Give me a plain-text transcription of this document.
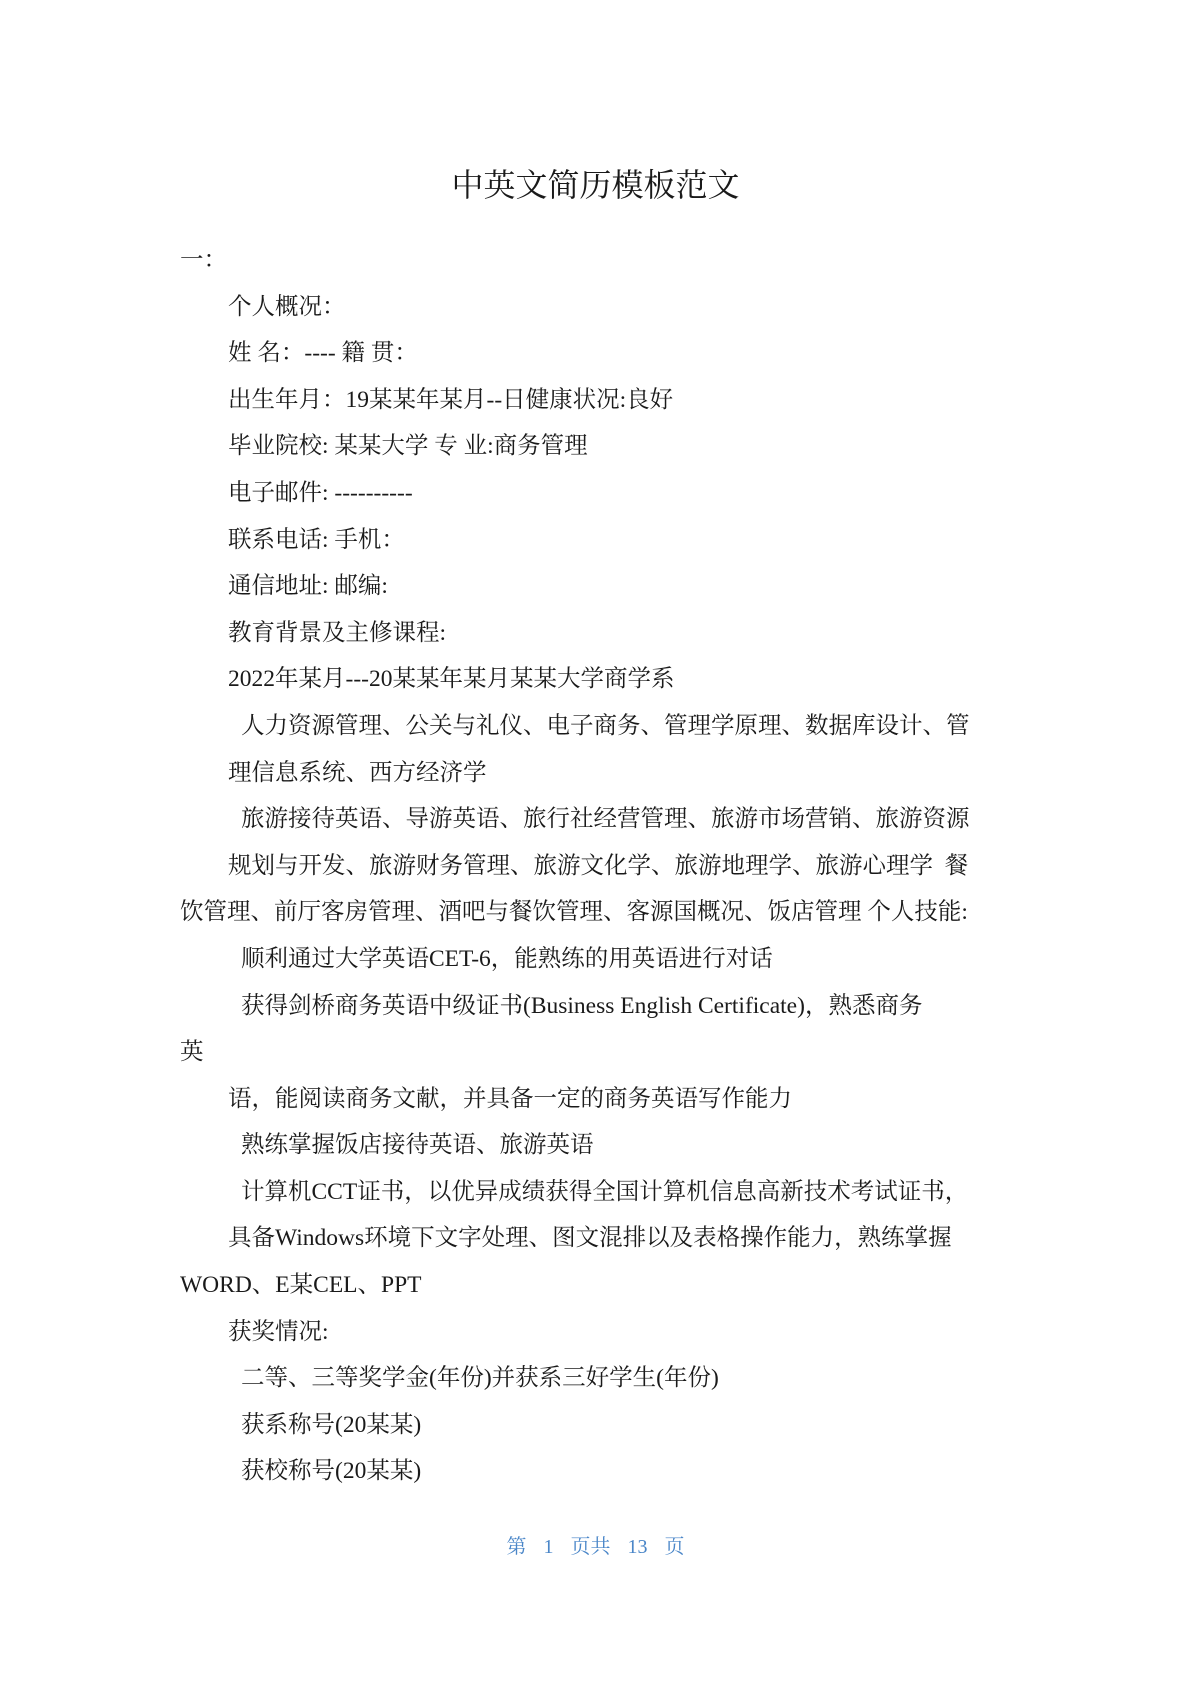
中英文简历模板范文
一：
个人概况：
姓 名：---- 籍 贯：
出生年月：19某某年某月--日健康状况:良好
毕业院校: 某某大学 专 业:商务管理
电子邮件: ----------
联系电话: 手机：
通信地址: 邮编:
教育背景及主修课程:
2022年某月---20某某年某月某某大学商学系
人力资源管理、公关与礼仪、电子商务、管理学原理、数据库设计、管
理信息系统、西方经济学
旅游接待英语、导游英语、旅行社经营管理、旅游市场营销、旅游资源
规划与开发、旅游财务管理、旅游文化学、旅游地理学、旅游心理学  餐
饮管理、前厅客房管理、酒吧与餐饮管理、客源国概况、饭店管理 个人技能:
顺利通过大学英语CET-6，能熟练的用英语进行对话
获得剑桥商务英语中级证书(Business English Certificate)，熟悉商务
英
语，能阅读商务文献，并具备一定的商务英语写作能力
熟练掌握饭店接待英语、旅游英语
计算机CCT证书，以优异成绩获得全国计算机信息高新技术考试证书，
具备Windows环境下文字处理、图文混排以及表格操作能力，熟练掌握
WORD、E某CEL、PPT
获奖情况:
二等、三等奖学金(年份)并获系三好学生(年份)
获系称号(20某某)
获校称号(20某某)
第 1 页共 13 页
